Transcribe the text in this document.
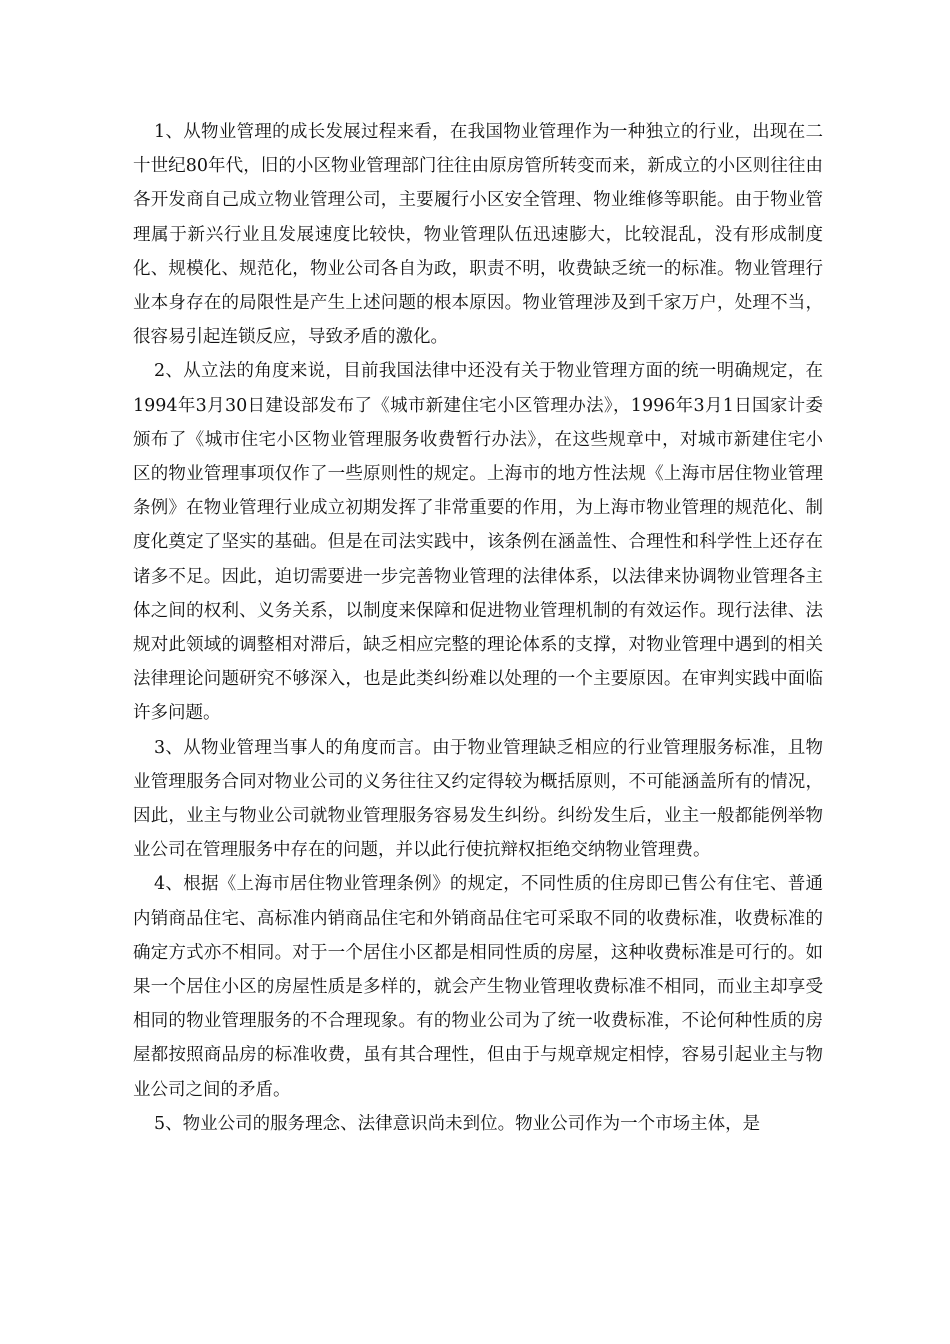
1、从物业管理的成长发展过程来看，在我国物业管理作为一种独立的行业，出现在二十世纪80年代，旧的小区物业管理部门往往由原房管所转变而来，新成立的小区则往往由各开发商自己成立物业管理公司，主要履行小区安全管理、物业维修等职能。由于物业管理属于新兴行业且发展速度比较快，物业管理队伍迅速膨大，比较混乱，没有形成制度化、规模化、规范化，物业公司各自为政，职责不明，收费缺乏统一的标准。物业管理行业本身存在的局限性是产生上述问题的根本原因。物业管理涉及到千家万户，处理不当，很容易引起连锁反应，导致矛盾的激化。

2、从立法的角度来说，目前我国法律中还没有关于物业管理方面的统一明确规定，在1994年3月30日建设部发布了《城市新建住宅小区管理办法》，1996年3月1日国家计委颁布了《城市住宅小区物业管理服务收费暂行办法》，在这些规章中，对城市新建住宅小区的物业管理事项仅作了一些原则性的规定。上海市的地方性法规《上海市居住物业管理条例》在物业管理行业成立初期发挥了非常重要的作用，为上海市物业管理的规范化、制度化奠定了坚实的基础。但是在司法实践中，该条例在涵盖性、合理性和科学性上还存在诸多不足。因此，迫切需要进一步完善物业管理的法律体系，以法律来协调物业管理各主体之间的权利、义务关系，以制度来保障和促进物业管理机制的有效运作。现行法律、法规对此领域的调整相对滞后，缺乏相应完整的理论体系的支撑，对物业管理中遇到的相关法律理论问题研究不够深入，也是此类纠纷难以处理的一个主要原因。在审判实践中面临许多问题。

3、从物业管理当事人的角度而言。由于物业管理缺乏相应的行业管理服务标准，且物业管理服务合同对物业公司的义务往往又约定得较为概括原则，不可能涵盖所有的情况，因此，业主与物业公司就物业管理服务容易发生纠纷。纠纷发生后，业主一般都能例举物业公司在管理服务中存在的问题，并以此行使抗辩权拒绝交纳物业管理费。

4、根据《上海市居住物业管理条例》的规定，不同性质的住房即已售公有住宅、普通内销商品住宅、高标准内销商品住宅和外销商品住宅可采取不同的收费标准，收费标准的确定方式亦不相同。对于一个居住小区都是相同性质的房屋，这种收费标准是可行的。如果一个居住小区的房屋性质是多样的，就会产生物业管理收费标准不相同，而业主却享受相同的物业管理服务的不合理现象。有的物业公司为了统一收费标准，不论何种性质的房屋都按照商品房的标准收费，虽有其合理性，但由于与规章规定相悖，容易引起业主与物业公司之间的矛盾。

5、物业公司的服务理念、法律意识尚未到位。物业公司作为一个市场主体，是
